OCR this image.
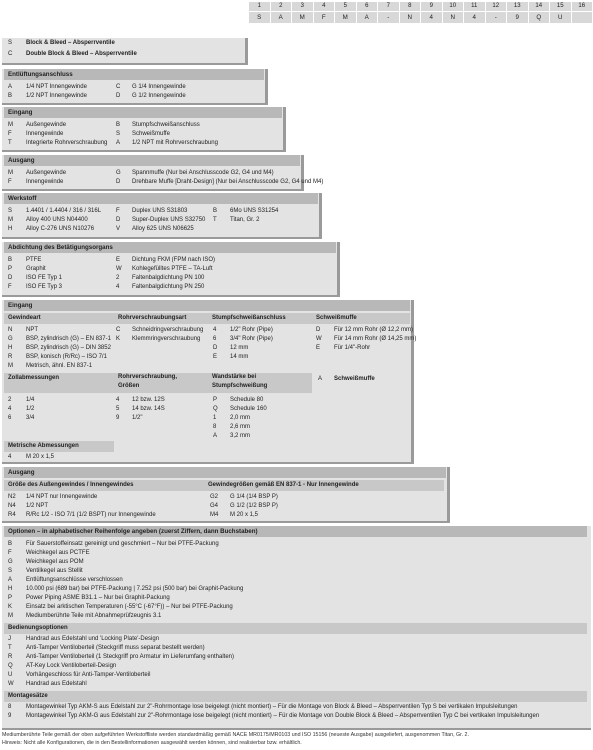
1
S
2
A
3
M
4
F
5
M
6
A
7
-
8
N
9
4
10
N
11
4
12
-
13
9
14
Q
15
U
16
S Block & Bleed – Absperrventile
C Double Block & Bleed – Absperrventile
Entlüftungsanschluss
A 1/4 NPT Innengewinde	C G 1/4 Innengewinde
B 1/2 NPT Innengewinde	D G 1/2 Innengewinde
Eingang
M Außengewinde	B Stumpfschweißanschluss
F Innengewinde	S Schweißmuffe
T Integrierte Rohrverschraubung A 1/2 NPT mit Rohrverschraubung
Ausgang
M Außengewinde	G Spannmuffe (Nur bei Anschlusscode G2, G4 und M4)
F Innengewinde	D Drehbare Muffe [Draht-Design] (Nur bei Anschlusscode G2, G4 und M4)
Werkstoff
S 1.4401 / 1.4404 / 316 / 316L F Duplex UNS S31803	B 6Mo UNS S31254
M Alloy 400 UNS N04400	D Super-Duplex UNS S32750 T Titan, Gr. 2
H Alloy C-276 UNS N10276	V Alloy 625 UNS N06625
Abdichtung des Betätigungsorgans
B PTFE	E Dichtung FKM (FPM nach ISO)
P Graphit	W Kohlegefülltes PTFE – TA-Luft
D ISO FE Typ 1	2 Faltenbalgdichtung PN 100
F ISO FE Typ 3	4 Faltenbalgdichtung PN 250
Eingang
Gewindeart	Rohrverschraubungsart	Stumpfschweißanschluss	Schweißmuffe
N NPT	C Schneidringverschraubung 4 1/2" Rohr (Pipe)	D Für 12 mm Rohr (Ø 12,2 mm)
G BSP, zylindrisch (G) – EN 837-1 K Klemmringverschraubung 6 3/4" Rohr (Pipe)	W Für 14 mm Rohr (Ø 14,25 mm)
H BSP, zylindrisch (G) – DIN 3852	D 12 mm	E Für 1/4"-Rohr
R BSP, konisch (R/Rc) – ISO 7/1	E 14 mm
M Metrisch, ähnl. EN 837-1
Zollabmessungen	Rohrverschraubung,
Größen
Wandstärke bei
Stumpfschweißung
A Schweißmuffe
2 1/4	4 12 bzw. 12S	P Schedule 80
4 1/2	5 14 bzw. 14S	Q Schedule 160
6 3/4	9 1/2"	1 2,0 mm
8 2,6 mm
A 3,2 mm
Metrische Abmessungen
4 M 20 x 1,5
Ausgang
Größe des Außengewindes / Innengewindes	Gewindegrößen gemäß EN 837-1 - Nur Innengewinde
N2 1/4 NPT nur Innengewinde	G2 G 1/4 (1/4 BSP P)
N4 1/2 NPT	G4 G 1/2 (1/2 BSP P)
R4 R/Rc 1/2 - ISO 7/1 (1/2 BSPT) nur Innengewinde	M4 M 20 x 1,5
Optionen – in alphabetischer Reihenfolge angeben (zuerst Ziffern, dann Buchstaben)
B Für Sauerstoffeinsatz gereinigt und geschmiert – Nur bei PTFE-Packung
F Weichkegel aus PCTFE
G Weichkegel aus POM
S Ventilkegel aus Stellit
A Entlüftungsanschlüsse verschlossen
H 10.000 psi (689 bar) bei PTFE-Packung | 7.252 psi (500 bar) bei Graphit-Packung
P Power Piping ASME B31.1 – Nur bei Graphit-Packung
K Einsatz bei arktischen Temperaturen (-55°C (-67°F)) – Nur bei PTFE-Packung
M Mediumberührte Teile mit Abnahmeprüfzeugnis 3.1
Bedienungsoptionen
J	Handrad aus Edelstahl und 'Locking Plate'-Design
T Anti-Tamper Ventiloberteil (Steckgriff muss separat bestellt werden)
R Anti-Tamper Ventiloberteil (1 Steckgriff pro Armatur im Lieferumfang enthalten)
Q AT-Key Lock Ventiloberteil-Design
U Vorhängeschloss für Anti-Tamper-Ventiloberteil
W Handrad aus Edelstahl
Montagesätze
8 Montagewinkel Typ AKM-S aus Edelstahl zur 2"-Rohrmontage lose beigelegt (nicht montiert) – Für die Montage von Block & Bleed – Absperrventilen Typ S bei vertikalen Impulsleitungen
9 Montagewinkel Typ AKM-G aus Edelstahl zur 2"-Rohrmontage lose beigelegt (nicht montiert) – Für die Montage von Double Block & Bleed – Absperrventilen Typ C bei vertikalen Impulsleitungen
Mediumberührte Teile gemäß der oben aufgeführten Werkstoffliste werden standardmäßig gemäß NACE MR0175/MR0103 und ISO 15156 (neueste Ausgabe) ausgeliefert, ausgenommen Titan, Gr. 2.
Hinweis: Nicht alle Konfigurationen, die in den Bestellinformationen ausgewählt werden können, sind realisierbar bzw. erhältlich.
